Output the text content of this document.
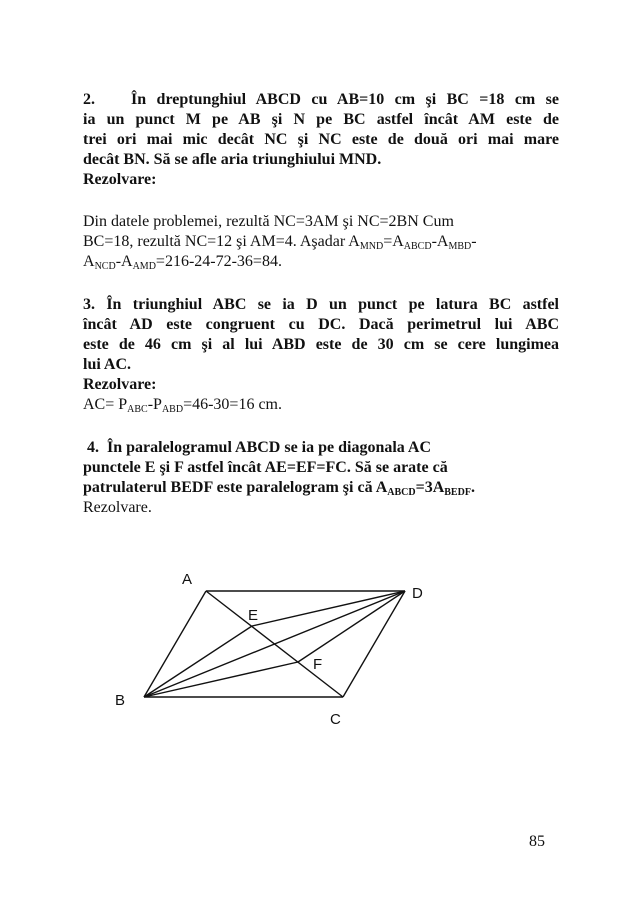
2. În dreptunghiul ABCD cu AB=10 cm şi BC =18 cm se
ia un punct M pe AB şi N pe BC astfel încât AM este de
trei ori mai mic decât NC şi NC este de două ori mai mare
decât BN. Să se afle aria triunghiului MND.
Rezolvare:
Din datele problemei, rezultă NC=3AM şi NC=2BN Cum
BC=18, rezultă NC=12 şi AM=4. Aşadar $A_{MND}=A_{ABCD}-A_{MBD}-$
$A_{NCD}-A_{AMD}=216-24-72-36=84$.
3. În triunghiul ABC se ia D un punct pe latura BC astfel
încât AD este congruent cu DC. Dacă perimetrul lui ABC
este de 46 cm şi al lui ABD este de 30 cm se cere lungimea
lui AC.
Rezolvare:
$AC= P_{ABC}-P_{ABD}=46-30=16$ cm.
4.  În paralelogramul ABCD se ia pe diagonala AC
punctele E şi F astfel încât AE=EF=FC. Să se arate că
patrulaterul BEDF este paralelogram şi că $A_{ABCD}=3A_{BEDF}$.
Rezolvare.
A
D
E
F
B
C
85
